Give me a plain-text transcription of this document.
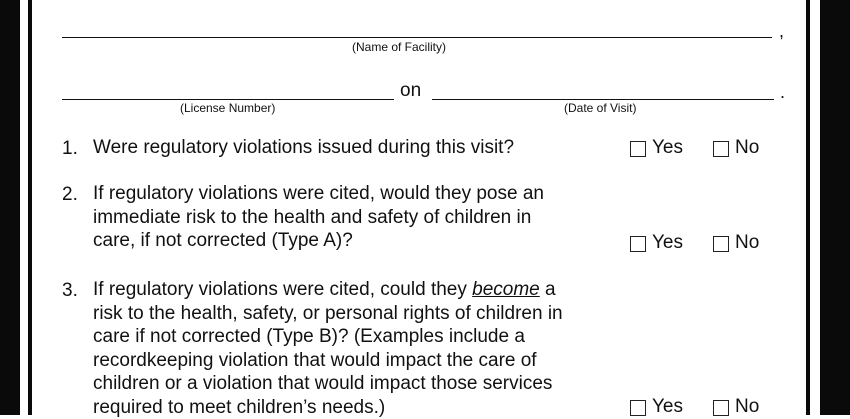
,
(Name of Facility)
on	.
(License Number)	(Date of Visit)
1. Were regulatory violations issued during this visit?	Yes	No
2. If regulatory violations were cited, would they pose an
immediate risk to the health and safety of children in
care, if not corrected (Type A)?	Yes	No
3. If regulatory violations were cited, could they become a
risk to the health, safety, or personal rights of children in
care if not corrected (Type B)? (Examples include a
recordkeeping violation that would impact the care of
children or a violation that would impact those services
required to meet children’s needs.)	Yes	No
